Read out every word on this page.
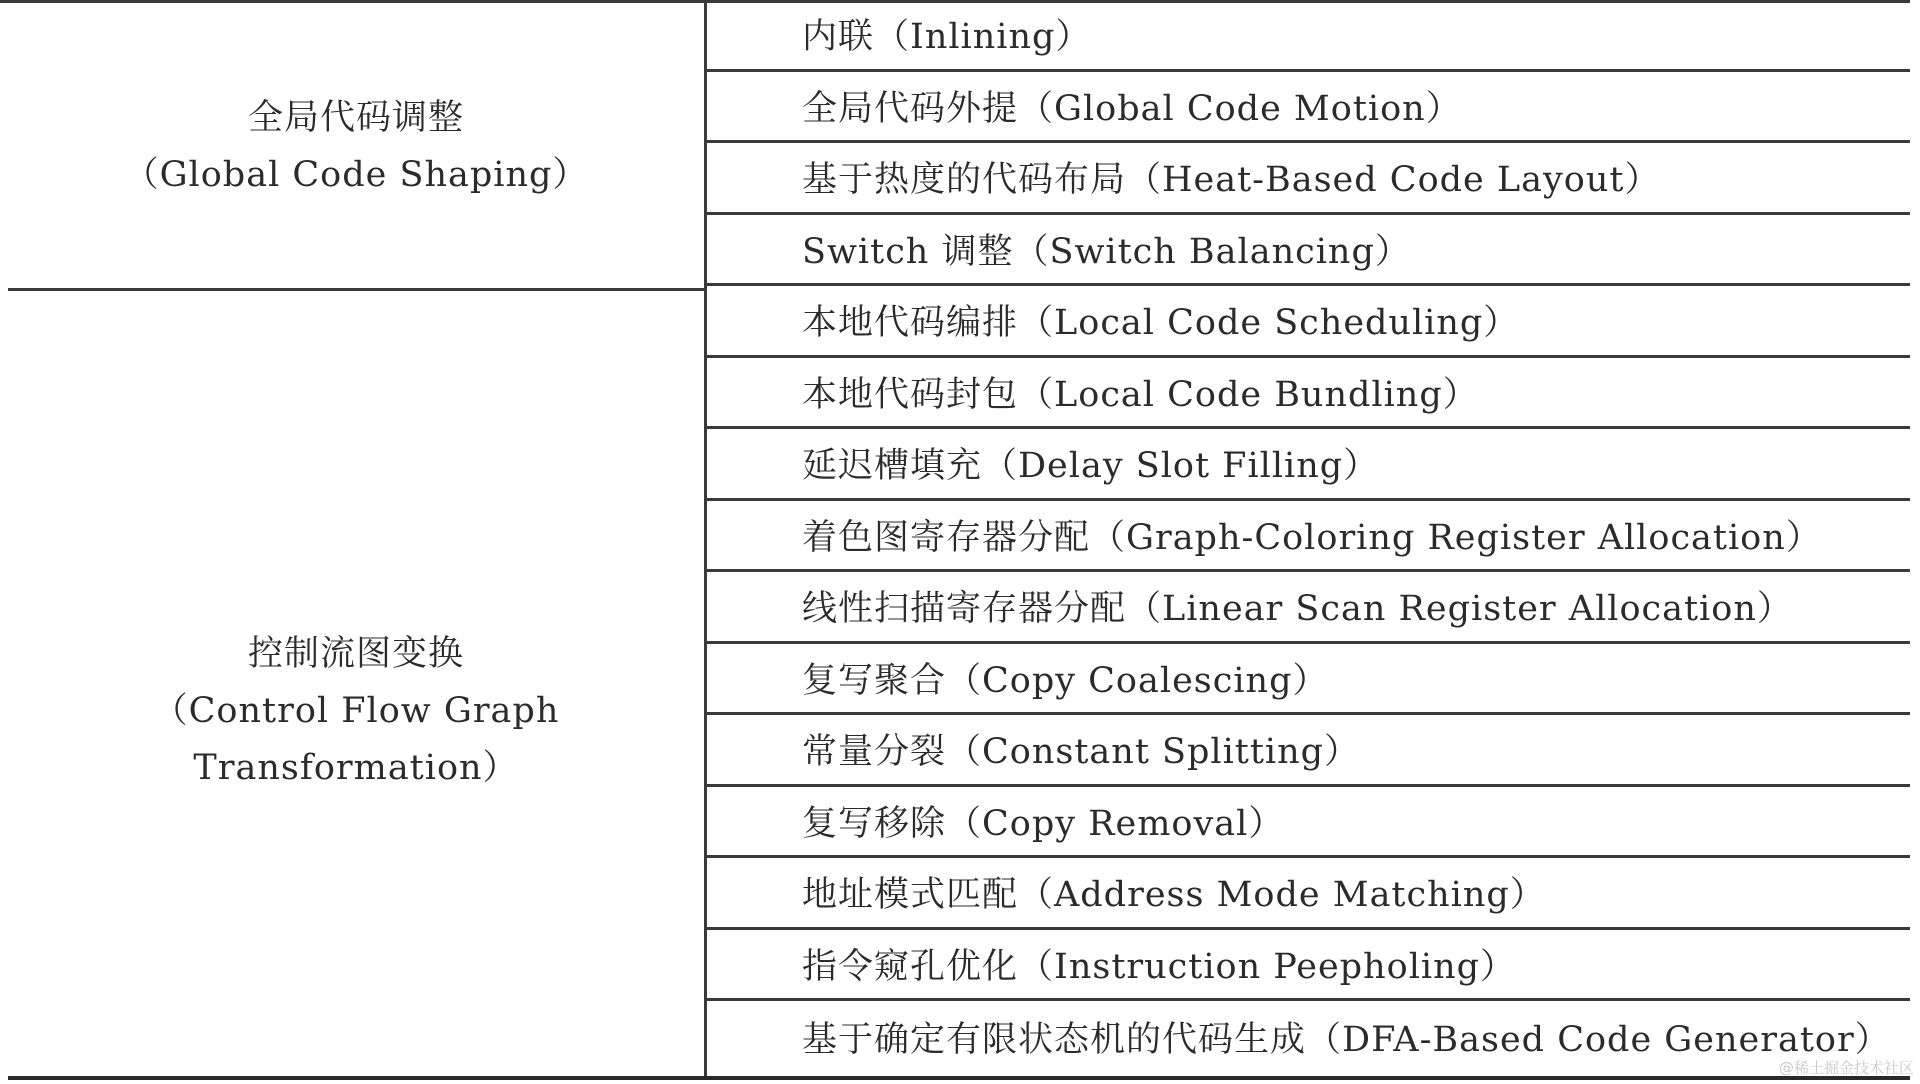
全局代码调整
（Global Code Shaping）
控制流图变换
（Control Flow Graph Transformation）
内联（Inlining）
全局代码外提（Global Code Motion）
基于热度的代码布局（Heat-Based Code Layout）
Switch 调整（Switch Balancing）
本地代码编排（Local Code Scheduling）
本地代码封包（Local Code Bundling）
延迟槽填充（Delay Slot Filling）
着色图寄存器分配（Graph-Coloring Register Allocation）
线性扫描寄存器分配（Linear Scan Register Allocation）
复写聚合（Copy Coalescing）
常量分裂（Constant Splitting）
复写移除（Copy Removal）
地址模式匹配（Address Mode Matching）
指令窥孔优化（Instruction Peepholing）
基于确定有限状态机的代码生成（DFA-Based Code Generator）
@稀土掘金技术社区
